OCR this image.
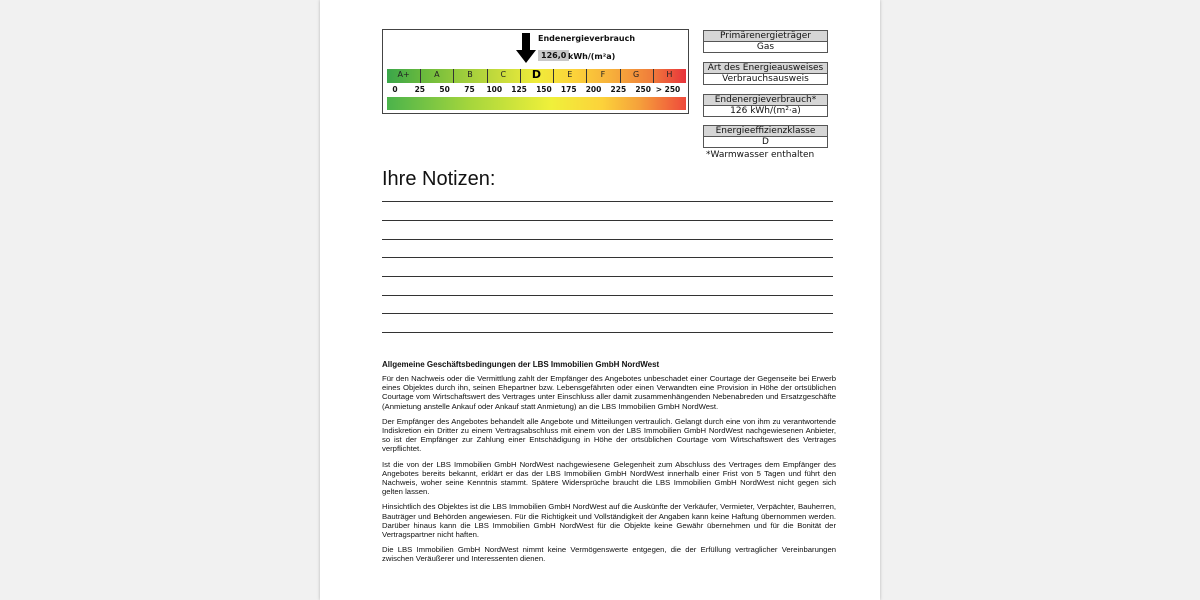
Endenergieverbrauch
126,0 kWh/(m²a)
A+	A	B	C	D	E	F	G	H
0	25	50	75	100	125	150	175	200	225	250 > 250
Primärenergieträger
Gas
Art des Energieausweises
Verbrauchsausweis
Endenergieverbrauch*
126 kWh/(m²·a)
Energieeffizienzklasse
D
*Warmwasser enthalten
Ihre Notizen:
Allgemeine Geschäftsbedingungen der LBS Immobilien GmbH NordWest

Für den Nachweis oder die Vermittlung zahlt der Empfänger des Angebotes unbeschadet einer Courtage der Gegenseite bei Erwerb eines Objektes durch ihn, seinen Ehepartner bzw. Lebensgefährten oder einen Verwandten eine Provision in Höhe der ortsüblichen Courtage vom Wirtschaftswert des Vertrages unter Einschluss aller damit zusammenhängenden Nebenabreden und Ersatzgeschäfte (Anmietung anstelle Ankauf oder Ankauf statt Anmietung) an die LBS Immobilien GmbH NordWest.

Der Empfänger des Angebotes behandelt alle Angebote und Mitteilungen vertraulich. Gelangt durch eine von ihm zu verantwortende Indiskretion ein Dritter zu einem Vertragsabschluss mit einem von der LBS Immobilien GmbH NordWest nachgewiesenen Anbieter, so ist der Empfänger zur Zahlung einer Entschädigung in Höhe der ortsüblichen Courtage vom Wirtschaftswert des Vertrages verpflichtet.

Ist die von der LBS Immobilien GmbH NordWest nachgewiesene Gelegenheit zum Abschluss des Vertrages dem Empfänger des Angebotes bereits bekannt, erklärt er das der LBS Immobilien GmbH NordWest innerhalb einer Frist von 5 Tagen und führt den Nachweis, woher seine Kenntnis stammt. Spätere Widersprüche braucht die LBS Immobilien GmbH NordWest nicht gegen sich gelten lassen.

Hinsichtlich des Objektes ist die LBS Immobilien GmbH NordWest auf die Auskünfte der Verkäufer, Vermieter, Verpächter, Bauherren, Bauträger und Behörden angewiesen. Für die Richtigkeit und Vollständigkeit der Angaben kann keine Haftung übernommen werden. Darüber hinaus kann die LBS Immobilien GmbH NordWest für die Objekte keine Gewähr übernehmen und für die Bonität der Vertragspartner nicht haften.

Die LBS Immobilien GmbH NordWest nimmt keine Vermögenswerte entgegen, die der Erfüllung vertraglicher Vereinbarungen zwischen Veräußerer und Interessenten dienen.
